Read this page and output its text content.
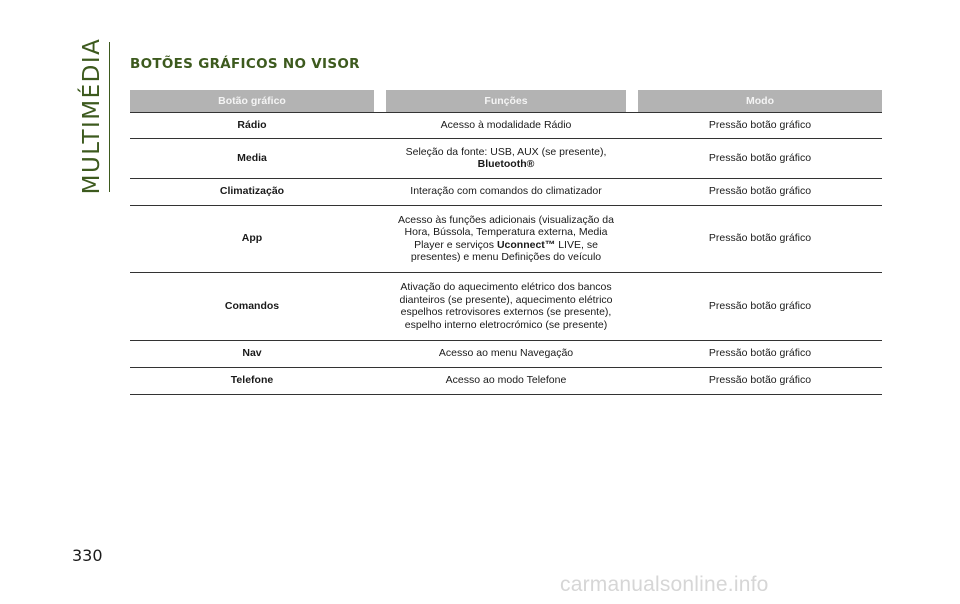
MULTIMÉDIA BOTÕES GRÁFICOS NO VISOR
Botão gráfico		Funções		Modo
Rádio		Acesso à modalidade Rádio		Pressão botão gráfico
Media		Seleção da fonte: USB, AUX (se presente),
Bluetooth®		Pressão botão gráfico
Climatização		Interação com comandos do climatizador		Pressão botão gráfico
App		Acesso às funções adicionais (visualização da
Hora, Bússola, Temperatura externa, Media
Player e serviços Uconnect™ LIVE, se
presentes) e menu Definições do veículo		Pressão botão gráfico
Comandos		Ativação do aquecimento elétrico dos bancos
dianteiros (se presente), aquecimento elétrico
espelhos retrovisores externos (se presente),
espelho interno eletrocrómico (se presente)		Pressão botão gráfico
Nav		Acesso ao menu Navegação		Pressão botão gráfico
Telefone		Acesso ao modo Telefone		Pressão botão gráfico
330
carmanualsonline.info
